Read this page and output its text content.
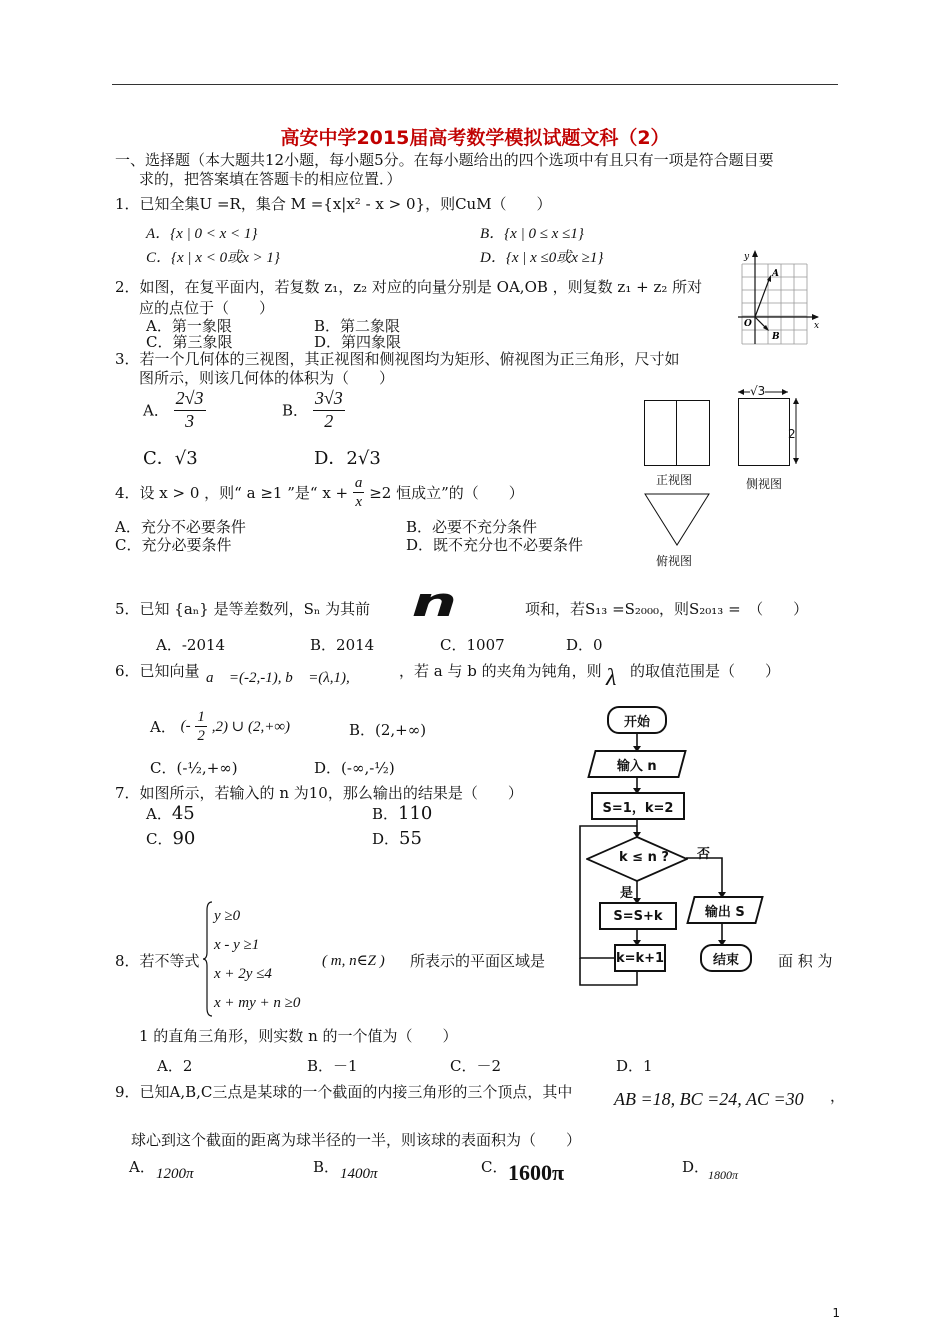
高安中学2015届高考数学模拟试题文科（2）
一、选择题（本大题共12小题，每小题5分。在每小题给出的四个选项中有且只有一项是符合题目要
求的，把答案填在答题卡的相应位置．）
1．已知全集U =R，集合 M ={x|x² - x > 0}，则CuM（　　）
A．{x | 0 < x < 1}	B．{x | 0 ≤ x ≤1}
C．{x | x < 0或x > 1}	D．{x | x ≤0或x ≥1}
2．如图，在复平面内，若复数 z₁，z₂ 对应的向量分别是 OA,OB ，则复数 z₁ + z₂ 所对
应的点位于（　　）
A．第一象限	B．第二象限
C．第三象限	D．第四象限
y
x
O
A
B
3．若一个几何体的三视图，其正视图和侧视图均为矩形、俯视图为正三角形，尺寸如
图所示，则该几何体的体积为（　　）
A． $\frac{2√3}{3}$	B． $\frac{3√3}{2}$
C．√3	D．2√3
正视图
√3
2
侧视图
俯视图
4．设 x > 0 ，则“ a ≥1 ”是“ $x + \frac{a}{x} \ge 2$ 恒成立”的（　　）
A．充分不必要条件	B．必要不充分条件
C．充分必要条件	D．既不充分也不必要条件
5．已知 {aₙ} 是等差数列，Sₙ 为其前 n	项和，若S₁₃ =S₂₀₀₀，则S₂₀₁₃ =　（　　）
A．-2014	B．2014	C．1007	D．0
6．已知向量 a⃗ =(-2,-1), b⃗ =(λ,1),	，若 a 与 b 的夹角为钝角，则 λ 的取值范围是（　　）
A． (- $\frac{1}{2} ,2$) ∪ (2,+∞)	B．(2,+∞)
C．(-½,+∞)	D．(-∞,-½)
7．如图所示，若输入的 n 为10，那么输出的结果是（　　）
A．45	B．110
C．90	D．55
开始
输入 n
S=1，k=2
k ≤ n ? 否
是
S=S+k	输出 S
k=k+1	结束
8．若不等式
y ≥0
x - y ≥1
x + 2y ≤4
x + my + n ≥0
( m, n∈Z ) 所表示的平面区域是	面 积 为
1 的直角三角形，则实数 n 的一个值为（　　）
A．2	B．－1	C．－2	D．1
9．已知A,B,C三点是某球的一个截面的内接三角形的三个顶点，其中 AB =18, BC =24, AC =30 ，
球心到这个截面的距离为球半径的一半，则该球的表面积为（　　）
A． 1200π	B． 1400π	C． 1600π	D．
1800π
1
